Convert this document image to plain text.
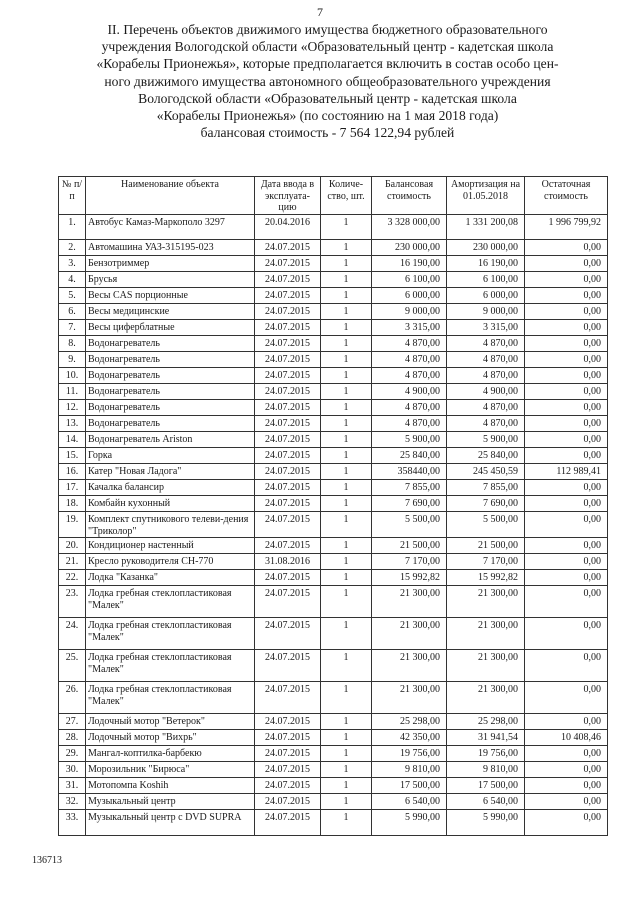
7
II. Перечень объектов движимого имущества бюджетного образовательного
учреждения Вологодской области «Образовательный центр - кадетская школа
«Корабелы Прионежья», которые предполагается включить в состав особо цен-
ного движимого имущества автономного общеобразовательного учреждения
Вологодской области «Образовательный центр - кадетская школа
«Корабелы Прионежья» (по состоянию на 1 мая 2018 года)
балансовая стоимость - 7 564 122,94 рублей
№ п/п	Наименование объекта	Дата ввода в эксплуата-цию	Количе-ство, шт.	Балансовая стоимость	Амортизация на 01.05.2018	Остаточная стоимость
1.	Автобус Камаз-Маркополо 3297	20.04.2016	1	3 328 000,00	1 331 200,08	1 996 799,92
2.	Автомашина УАЗ-315195-023	24.07.2015	1	230 000,00	230 000,00	0,00
3.	Бензотриммер	24.07.2015	1	16 190,00	16 190,00	0,00
4.	Брусья	24.07.2015	1	6 100,00	6 100,00	0,00
5.	Весы CAS порционные	24.07.2015	1	6 000,00	6 000,00	0,00
6.	Весы медицинские	24.07.2015	1	9 000,00	9 000,00	0,00
7.	Весы циферблатные	24.07.2015	1	3 315,00	3 315,00	0,00
8.	Водонагреватель	24.07.2015	1	4 870,00	4 870,00	0,00
9.	Водонагреватель	24.07.2015	1	4 870,00	4 870,00	0,00
10.	Водонагреватель	24.07.2015	1	4 870,00	4 870,00	0,00
11.	Водонагреватель	24.07.2015	1	4 900,00	4 900,00	0,00
12.	Водонагреватель	24.07.2015	1	4 870,00	4 870,00	0,00
13.	Водонагреватель	24.07.2015	1	4 870,00	4 870,00	0,00
14.	Водонагреватель Ariston	24.07.2015	1	5 900,00	5 900,00	0,00
15.	Горка	24.07.2015	1	25 840,00	25 840,00	0,00
16.	Катер "Новая Ладога"	24.07.2015	1	358440,00	245 450,59	112 989,41
17.	Качалка балансир	24.07.2015	1	7 855,00	7 855,00	0,00
18.	Комбайн кухонный	24.07.2015	1	7 690,00	7 690,00	0,00
19.	Комплект спутникового телеви-дения "Триколор"	24.07.2015	1	5 500,00	5 500,00	0,00
20.	Кондиционер настенный	24.07.2015	1	21 500,00	21 500,00	0,00
21.	Кресло руководителя СН-770	31.08.2016	1	7 170,00	7 170,00	0,00
22.	Лодка "Казанка"	24.07.2015	1	15 992,82	15 992,82	0,00
23.	Лодка гребная стеклопластиковая "Малек"	24.07.2015	1	21 300,00	21 300,00	0,00
24.	Лодка гребная стеклопластиковая "Малек"	24.07.2015	1	21 300,00	21 300,00	0,00
25.	Лодка гребная стеклопластиковая "Малек"	24.07.2015	1	21 300,00	21 300,00	0,00
26.	Лодка гребная стеклопластиковая "Малек"	24.07.2015	1	21 300,00	21 300,00	0,00
27.	Лодочный мотор "Ветерок"	24.07.2015	1	25 298,00	25 298,00	0,00
28.	Лодочный мотор "Вихрь"	24.07.2015	1	42 350,00	31 941,54	10 408,46
29.	Мангал-коптилка-барбекю	24.07.2015	1	19 756,00	19 756,00	0,00
30.	Морозильник "Бирюса"	24.07.2015	1	9 810,00	9 810,00	0,00
31.	Мотопомпа Koshih	24.07.2015	1	17 500,00	17 500,00	0,00
32.	Музыкальный центр	24.07.2015	1	6 540,00	6 540,00	0,00
33.	Музыкальный центр с DVD SUPRA	24.07.2015	1	5 990,00	5 990,00	0,00
136713
